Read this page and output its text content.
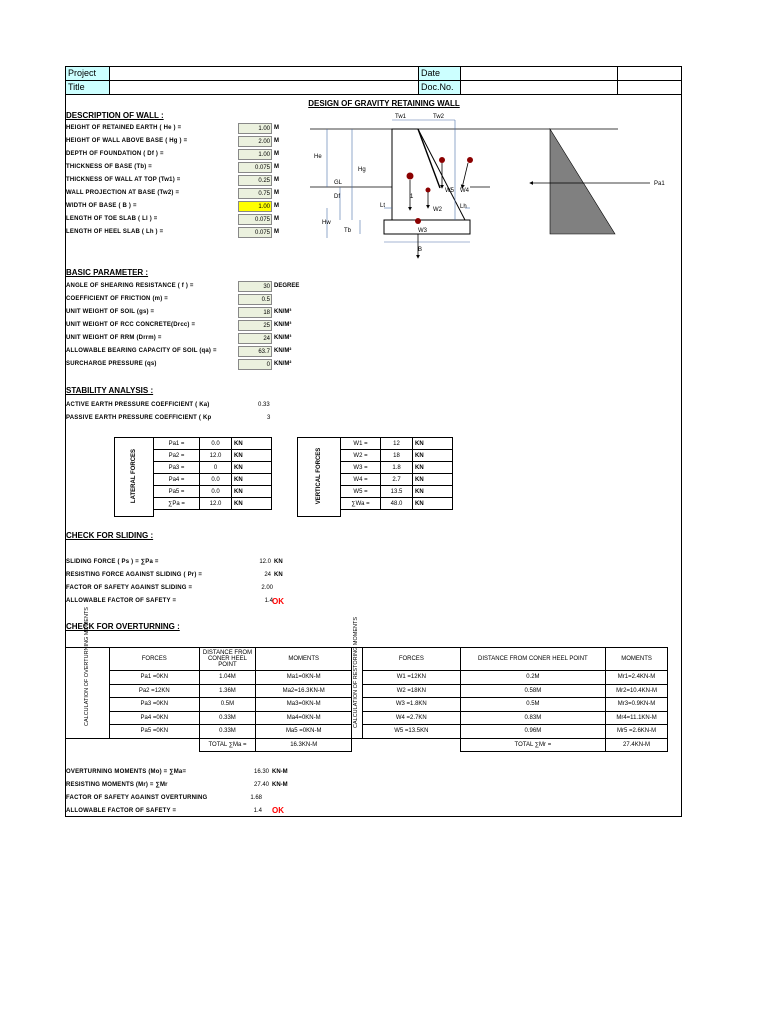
Project	Date
Title	Doc.No.
DESIGN OF GRAVITY RETAINING WALL
DESCRIPTION OF WALL :
HEIGHT OF RETAINED EARTH ( He ) =	1.00 M
HEIGHT OF WALL ABOVE BASE ( Hg ) =	2.00 M
DEPTH OF FOUNDATION ( Df ) =	1.00 M
THICKNESS OF BASE (Tb) =	0.075 M
THICKNESS OF WALL AT TOP (Tw1) =	0.25 M
WALL PROJECTION AT BASE (Tw2) =	0.75 M
WIDTH OF BASE ( B ) =	1.00 M
LENGTH OF TOE SLAB ( Ll ) =	0.075 M
LENGTH OF HEEL SLAB ( Lh ) =	0.075 M
BASIC PARAMETER :
ANGLE OF SHEARING RESISTANCE ( f ) =	30 DEGREE
COEFFICIENT OF FRICTION (m) =	0.5
UNIT WEIGHT OF SOIL (gs) =	18 KN/M³
UNIT WEIGHT OF RCC CONCRETE(Drcc) =	25 KN/M³
UNIT WEIGHT OF RRM (Drrm) =	24 KN/M³
ALLOWABLE BEARING CAPACITY OF SOIL (qa) =	63.7 KN/M²
SURCHARGE PRESSURE (qs)	0 KN/M²
STABILITY ANALYSIS :
ACTIVE EARTH PRESSURE COEFFICIENT ( Ka)	0.33
PASSIVE EARTH PRESSURE COEFFICIENT ( Kp	3
LATERAL FORCES
Pa1 =	0.0	KN
Pa2 =	12.0	KN
Pa3 =	0	KN
Pa4 =	0.0	KN
Pa5 =	0.0	KN
∑Pa =	12.0	KN	VERTICAL FORCES
W1 =	12	KN
W2 =	18	KN
W3 =	1.8	KN
W4 =	2.7	KN
W5 =	13.5	KN
∑Wa =	48.0	KN
CHECK FOR SLIDING :
SLIDING FORCE ( Ps ) = ∑Pa =	12.0 KN
RESISTING FORCE AGAINST SLIDING ( Pr) =	24 KN
FACTOR OF SAFETY AGAINST SLIDING =	2.00
ALLOWABLE FACTOR OF SAFETY =	1.4 OK
CHECK FOR OVERTURNING :
CALCULATION OF OVERTURNING MOMENTS	FORCES	DISTANCE FROM CONER HEEL POINT	MOMENTS
Pa1 =0KN	1.04M	Ma1=0KN-M
Pa2 =12KN	1.36M	Ma2=16.3KN-M
Pa3 =0KN	0.5M	Ma3=0KN-M
Pa4 =0KN	0.33M	Ma4=0KN-M
Pa5 =0KN	0.33M	Ma5 =0KN-M
	TOTAL ∑Ma =	16.3KN-M
CALCULATION OF RESTORING MOMENTS	FORCES	DISTANCE FROM CONER HEEL POINT	MOMENTS
W1 =12KN	0.2M	Mr1=2.4KN-M
W2 =18KN	0.58M	Mr2=10.4KN-M
W3 =1.8KN	0.5M	Mr3=0.9KN-M
W4 =2.7KN	0.83M	Mr4=11.1KN-M
W5 =13.5KN	0.96M	Mr5 =2.6KN-M
	TOTAL ∑Mr =	27.4KN-M
OVERTURNING MOMENTS (Mo) = ∑Ma=	16.30 KN-M
RESISTING MOMENTS (Mr) = ∑Mr	27.40 KN-M
FACTOR OF SAFETY AGAINST OVERTURNING	1.68
ALLOWABLE FACTOR OF SAFETY =	1.4 OK
Tw1	Tw2
He
Hg
GL
Df
Lt
1
W2
W5 W4
Lh
Hw
Tb	W3
B
Pa1
